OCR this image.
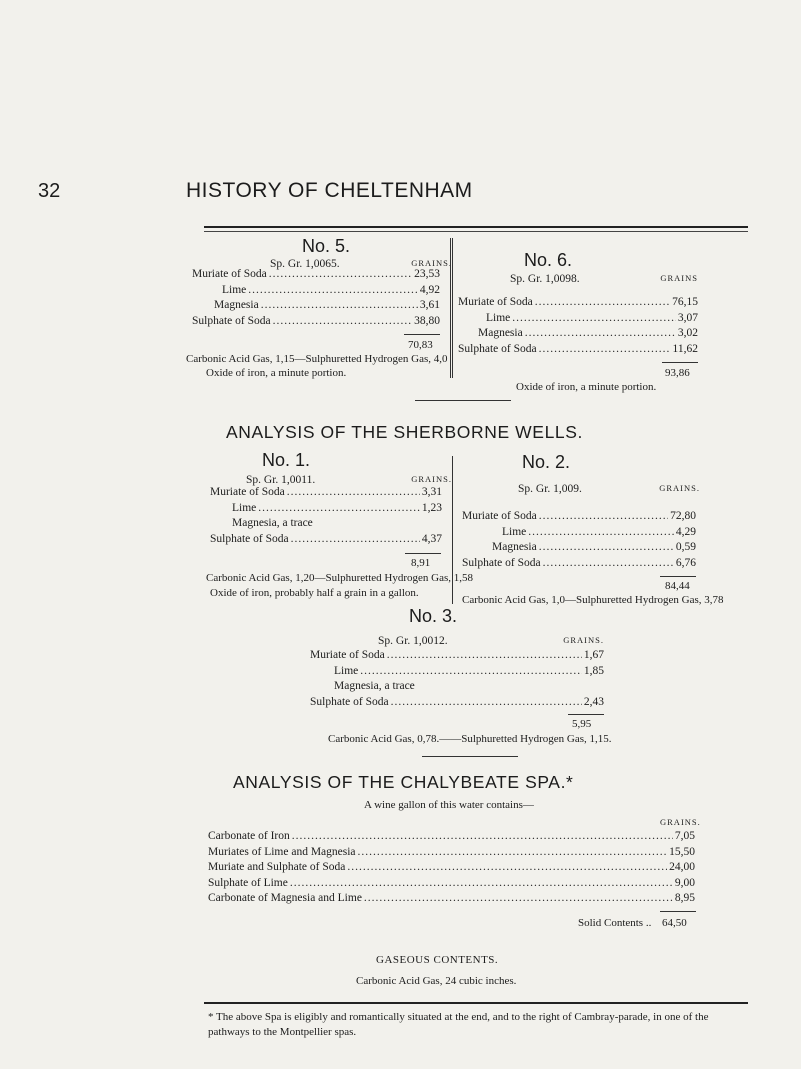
32	HISTORY OF CHELTENHAM
No. 5.
Sp. Gr. 1,0065.	GRAINS.
Muriate of Soda .....	23,53
Lime .....	4,92
Magnesia .....	3,61
Sulphate of Soda .....	38,80
70,83
Carbonic Acid Gas, 1,15—Sulphuretted Hydrogen Gas, 4,0
Oxide of iron, a minute portion.
No. 6.
Sp. Gr. 1,0098.	GRAINS
Muriate of Soda .....	76,15
Lime .....	3,07
Magnesia .....	3,02
Sulphate of Soda .....	11,62
93,86
Oxide of iron, a minute portion.
ANALYSIS OF THE SHERBORNE WELLS.
No. 1.
Sp. Gr. 1,0011.	GRAINS.
Muriate of Soda .....	3,31
Lime .....	1,23
Magnesia, a trace
Sulphate of Soda .....	4,37
8,91
Carbonic Acid Gas, 1,20—Sulphuretted Hydrogen Gas, 1,58
Oxide of iron, probably half a grain in a gallon.
No. 2.
Sp. Gr. 1,009.	GRAINS.
Muriate of Soda .....	72,80
Lime .....	4,29
Magnesia .....	0,59
Sulphate of Soda .....	6,76
84,44
Carbonic Acid Gas, 1,0—Sulphuretted Hydrogen Gas, 3,78
No. 3.
Sp. Gr. 1,0012.	GRAINS.
Muriate of Soda .....	1,67
Lime .....	1,85
Magnesia, a trace
Sulphate of Soda .....	2,43
5,95
Carbonic Acid Gas, 0,78.——Sulphuretted Hydrogen Gas, 1,15.
ANALYSIS OF THE CHALYBEATE SPA.*
A wine gallon of this water contains—
GRAINS.
Carbonate of Iron .....	7,05
Muriates of Lime and Magnesia .....	15,50
Muriate and Sulphate of Soda .....	24,00
Sulphate of Lime .....	9,00
Carbonate of Magnesia and Lime .....	8,95
Solid Contents .. 64,50
GASEOUS CONTENTS.
Carbonic Acid Gas, 24 cubic inches.
* The above Spa is eligibly and romantically situated at the end, and to the right of Cambray-parade, in one of the pathways to the Montpellier spas.
